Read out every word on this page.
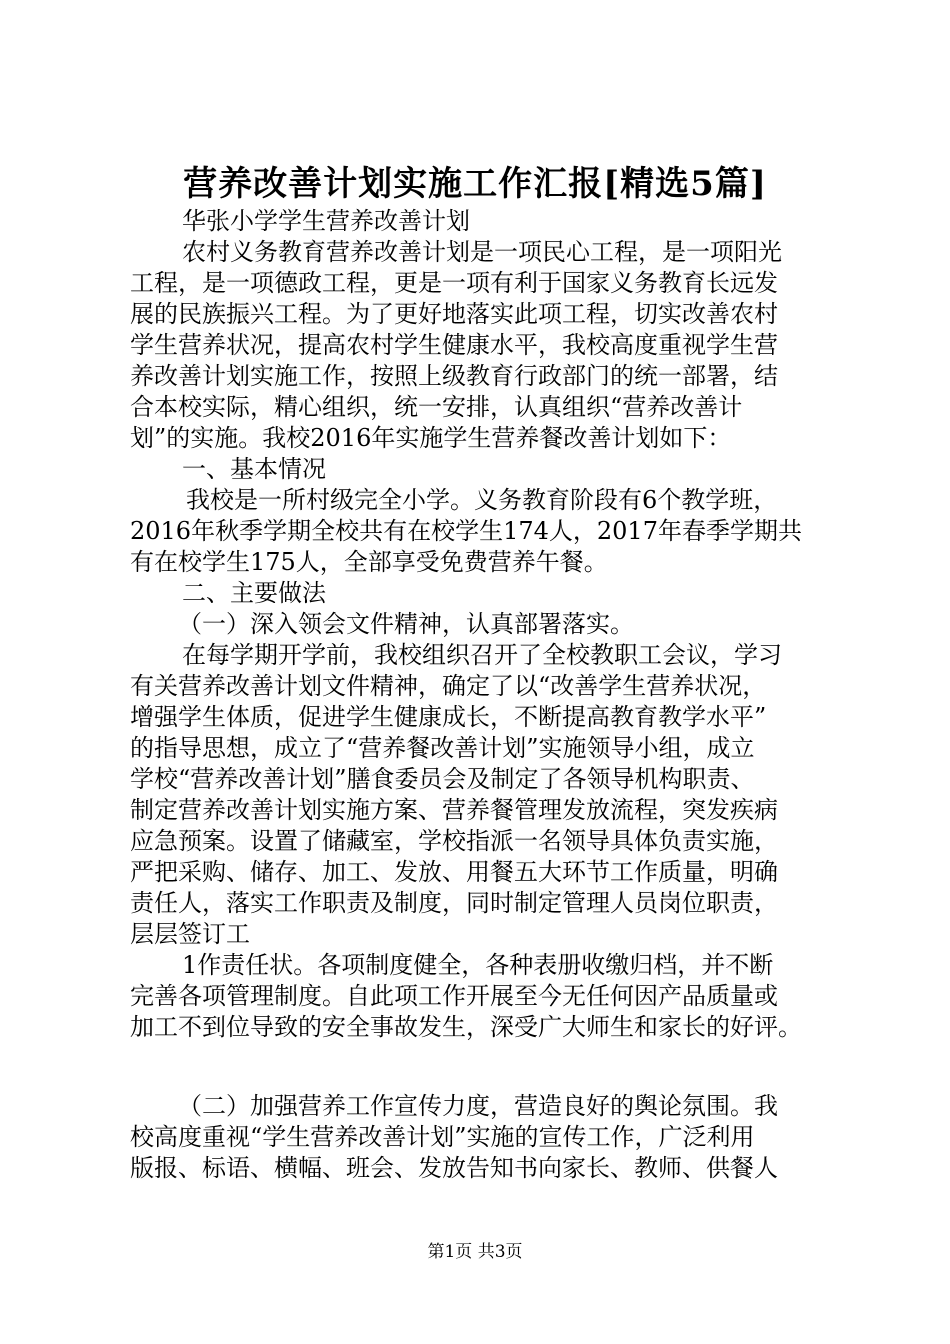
营养改善计划实施工作汇报[精选5篇]

华张小学学生营养改善计划

农村义务教育营养改善计划是一项民心工程，是一项阳光

工程，是一项德政工程，更是一项有利于国家义务教育长远发

展的民族振兴工程。为了更好地落实此项工程，切实改善农村

学生营养状况，提高农村学生健康水平，我校高度重视学生营

养改善计划实施工作，按照上级教育行政部门的统一部署，结

合本校实际，精心组织，统一安排，认真组织“营养改善计

划”的实施。我校2016年实施学生营养餐改善计划如下：

一、基本情况

我校是一所村级完全小学。义务教育阶段有6个教学班，

2016年秋季学期全校共有在校学生174人，2017年春季学期共

有在校学生175人，全部享受免费营养午餐。

二、主要做法

（一）深入领会文件精神，认真部署落实。

在每学期开学前，我校组织召开了全校教职工会议，学习

有关营养改善计划文件精神，确定了以“改善学生营养状况，

增强学生体质，促进学生健康成长，不断提高教育教学水平”

的指导思想，成立了“营养餐改善计划”实施领导小组，成立

学校“营养改善计划”膳食委员会及制定了各领导机构职责、

制定营养改善计划实施方案、营养餐管理发放流程，突发疾病

应急预案。设置了储藏室，学校指派一名领导具体负责实施，

严把采购、储存、加工、发放、用餐五大环节工作质量，明确

责任人，落实工作职责及制度，同时制定管理人员岗位职责，

层层签订工

1作责任状。各项制度健全，各种表册收缴归档，并不断

完善各项管理制度。自此项工作开展至今无任何因产品质量或

加工不到位导致的安全事故发生，深受广大师生和家长的好评。

（二）加强营养工作宣传力度，营造良好的舆论氛围。我

校高度重视“学生营养改善计划”实施的宣传工作，广泛利用

版报、标语、横幅、班会、发放告知书向家长、教师、供餐人

第1页 共3页
